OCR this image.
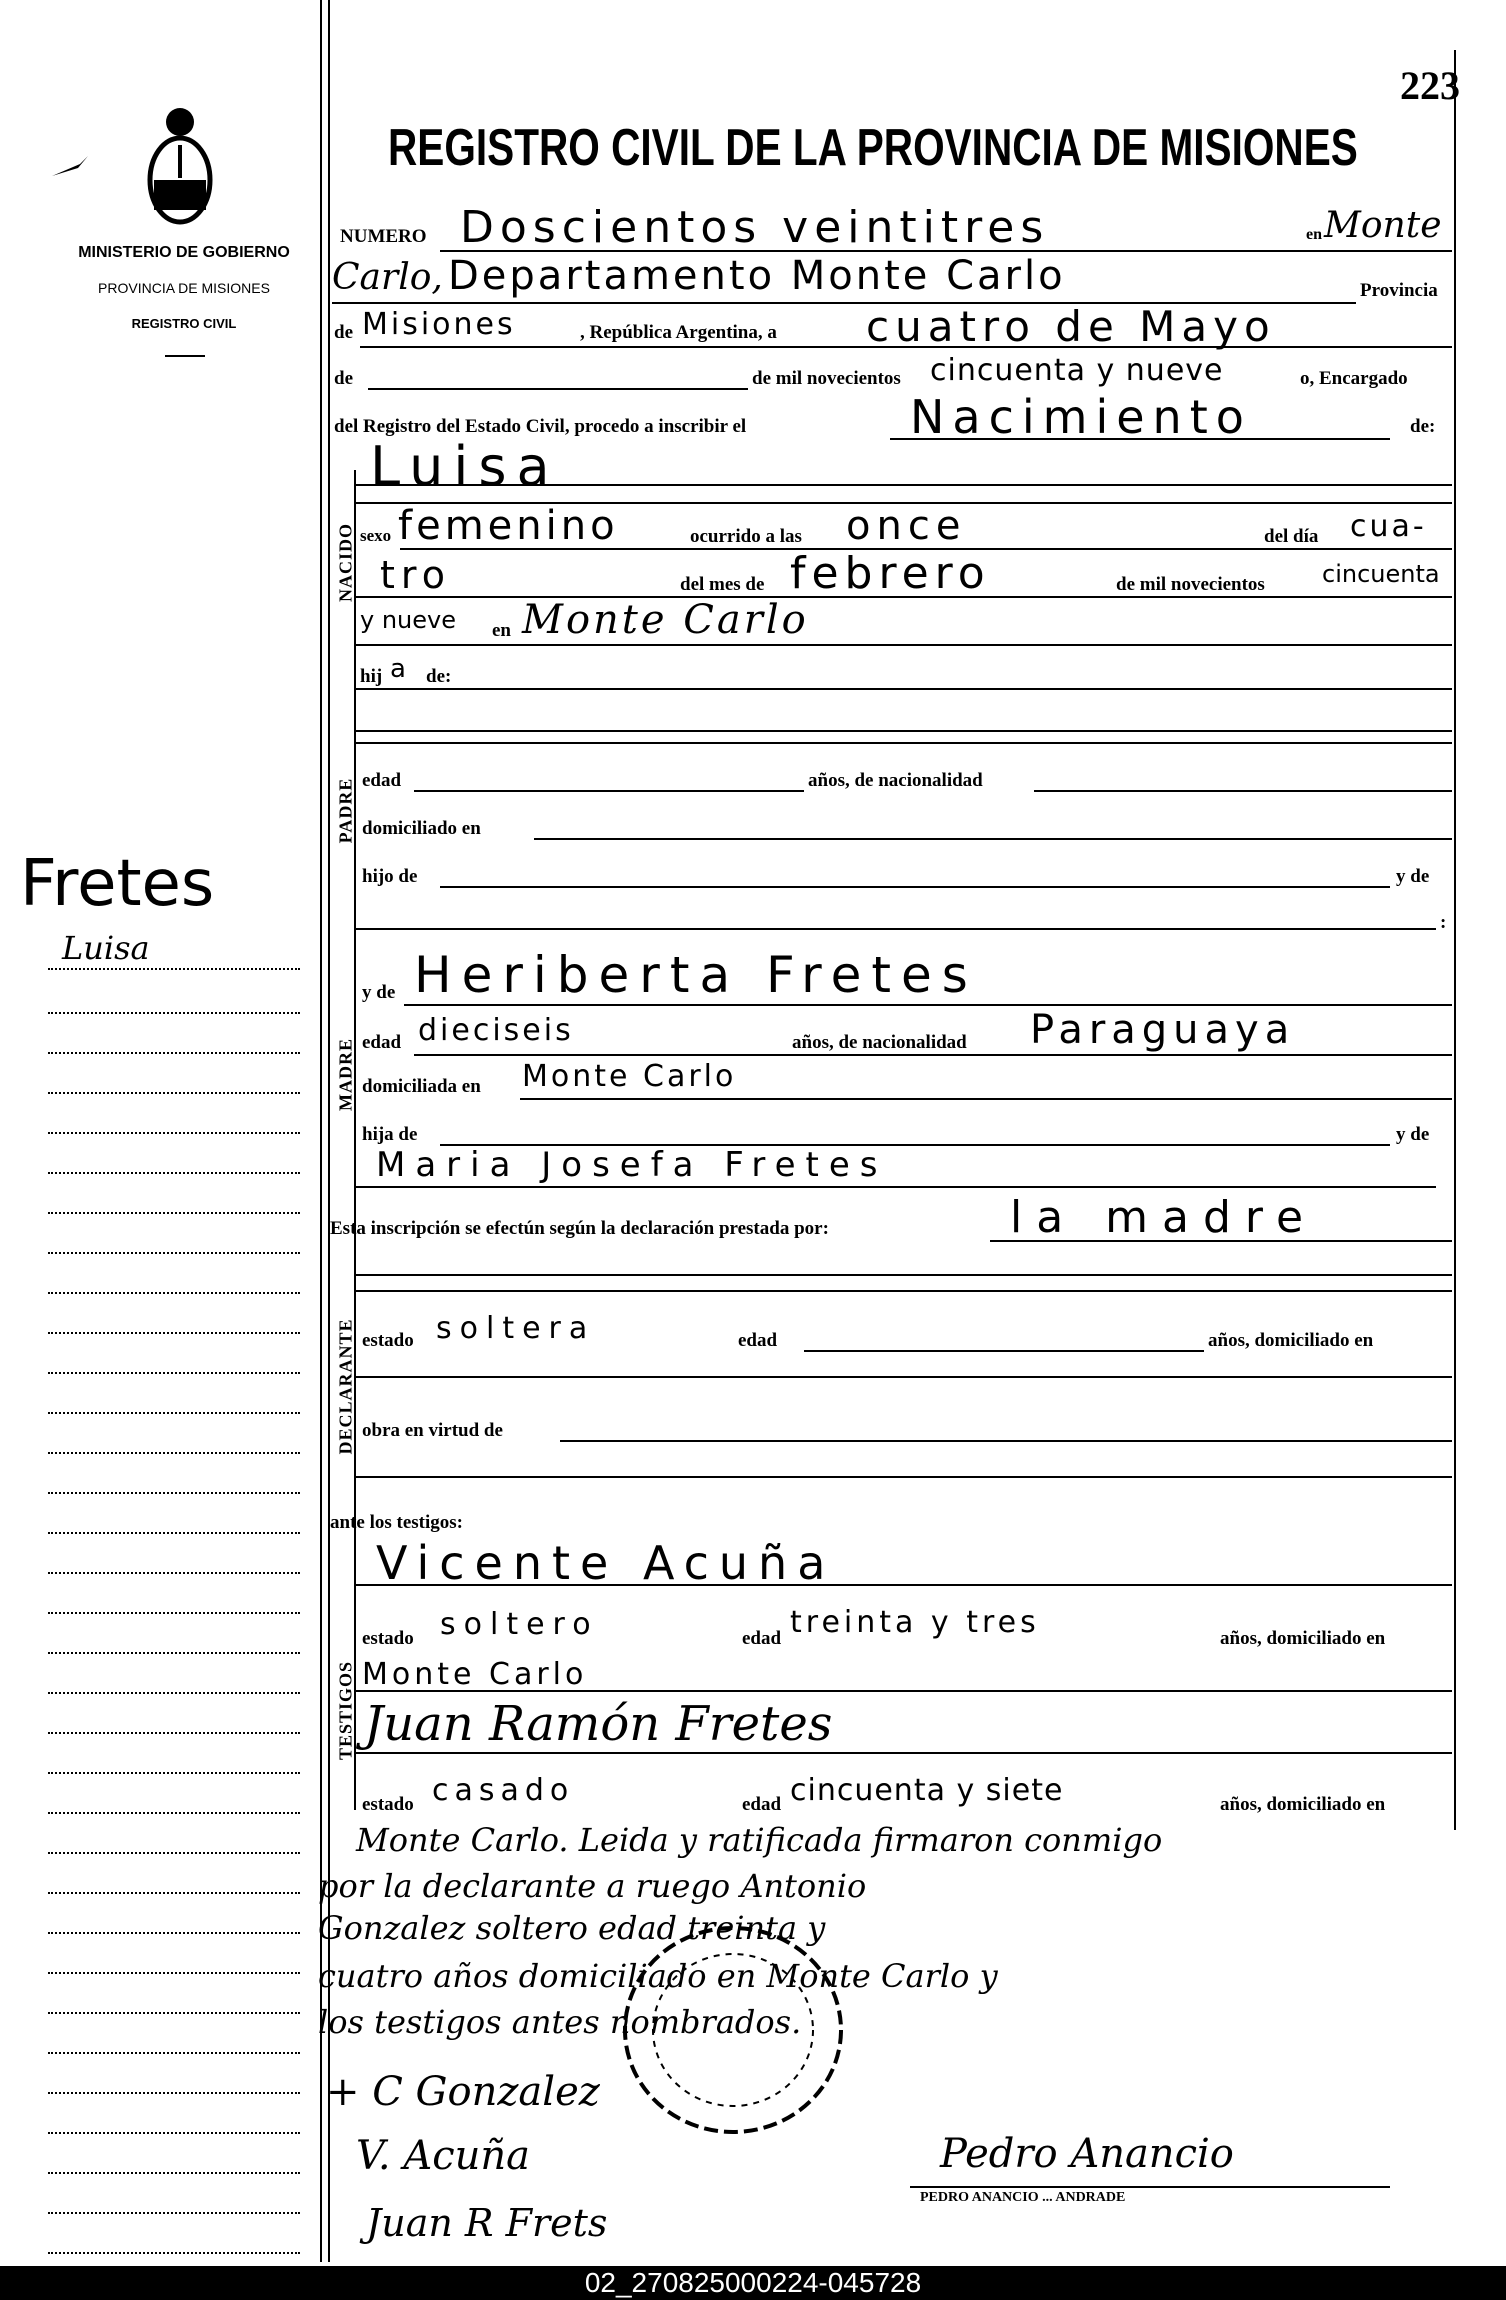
223
MINISTERIO DE GOBIERNO
PROVINCIA DE MISIONES
REGISTRO CIVIL
REGISTRO CIVIL DE LA PROVINCIA DE MISIONES
Fretes
Luisa
NUMERO Doscientos veintitres	en Monte
Carlo, Departamento Monte Carlo	Provincia
de Misiones	, República Argentina, a cuatro de Mayo
de	de mil novecientos cincuenta y nueve	o, Encargado
del Registro del Estado Civil, procedo a inscribir el	Nacimiento	de:
NACIDO
Luisa
sexo femenino	ocurrido a las once	del día cua-
tro	del mes de febrero	de mil novecientos cincuenta
y nueve en Monte Carlo
hij a de:
PADRE edad	años, de nacionalidad
domiciliado en
hijo de	y de
:
MADRE
y de Heriberta Fretes
edad dieciseis	años, de nacionalidad Paraguaya
domiciliada en Monte Carlo
hija de	y de
Maria Josefa Fretes
Esta inscripción se efectún según la declaración prestada por:	la madre
DECLARANTE estado soltera	edad	años, domiciliado en
obra en virtud de
ante los testigos:
TESTIGOS
Vicente Acuña
estado soltero	edad treinta y tres	años, domiciliado en
Monte Carlo
Juan Ramón Fretes
estado casado	edad cincuenta y siete	años, domiciliado en
Monte Carlo. Leida y ratificada firmaron conmigo
por la declarante a ruego Antonio
Gonzalez soltero edad treinta y
cuatro años domiciliado en Monte Carlo y
los testigos antes nombrados.
+ C Gonzalez
V. Acuña
Juan R Frets
Pedro Anancio
PEDRO ANANCIO ... ANDRADE
02_270825000224-045728
